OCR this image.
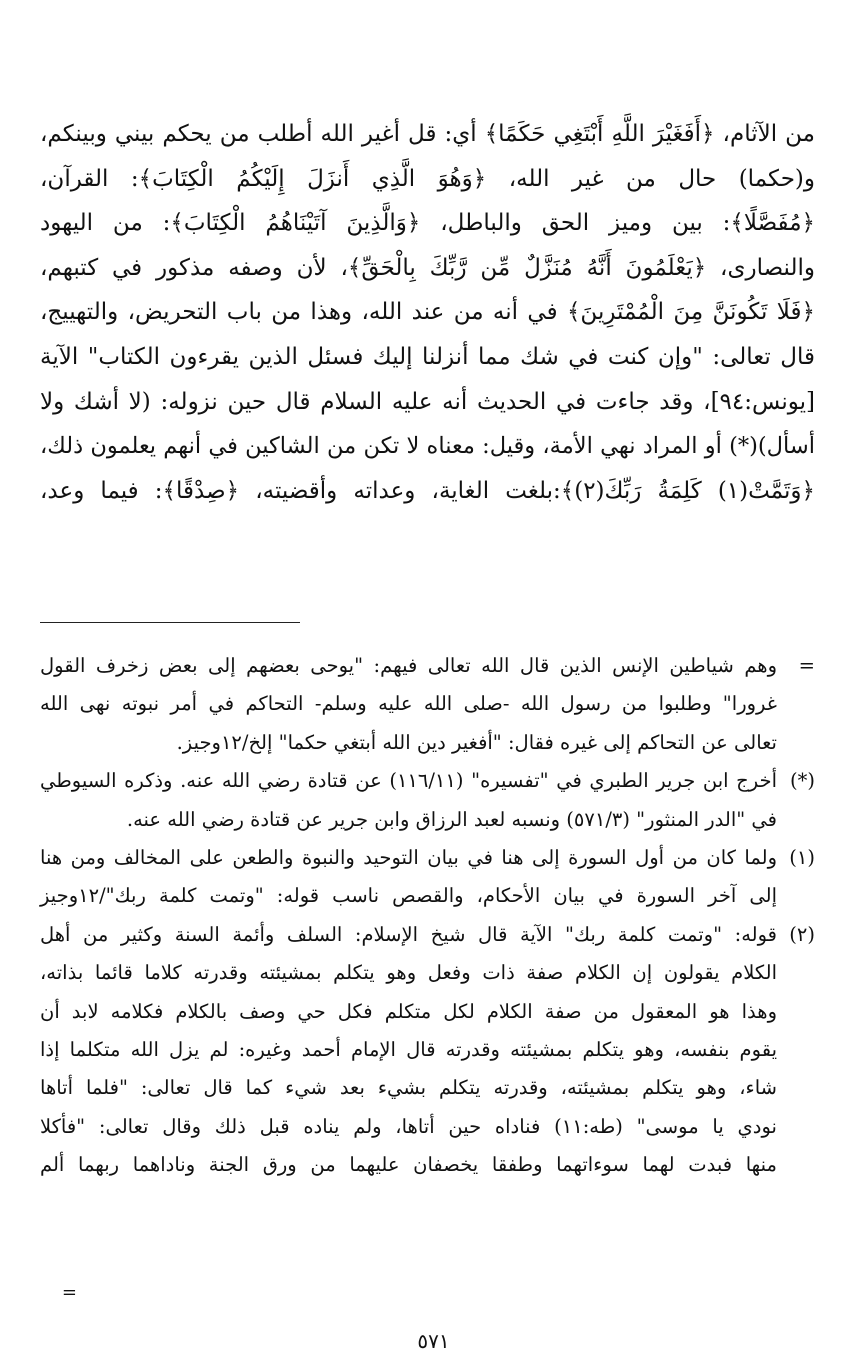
من الآثام، ﴿أَفَغَيْرَ اللَّهِ أَبْتَغِي حَكَمًا﴾ أي: قل أغير الله أطلب من يحكم بيني وبينكم،
و(حكما) حال من غير الله، ﴿وَهُوَ الَّذِي أَنزَلَ إِلَيْكُمُ الْكِتَابَ﴾: القرآن،
﴿مُفَصَّلًا﴾: بين وميز الحق والباطل، ﴿وَالَّذِينَ آتَيْنَاهُمُ الْكِتَابَ﴾: من اليهود
والنصارى، ﴿يَعْلَمُونَ أَنَّهُ مُنَزَّلٌ مِّن رَّبِّكَ بِالْحَقِّ﴾، لأن وصفه مذكور في كتبهم،
﴿فَلَا تَكُونَنَّ مِنَ الْمُمْتَرِينَ﴾ في أنه من عند الله، وهذا من باب التحريض، والتهييج،
قال تعالى: "وإن كنت في شك مما أنزلنا إليك فسئل الذين يقرءون الكتاب" الآية
[يونس:٩٤]، وقد جاءت في الحديث أنه عليه السلام قال حين نزوله: (لا أشك ولا
أسأل)(*) أو المراد نهي الأمة، وقيل: معناه لا تكن من الشاكين في أنهم يعلمون ذلك،
﴿وَتَمَّتْ(١) كَلِمَةُ رَبِّكَ(٢)﴾:بلغت الغاية، وعداته وأقضيته، ﴿صِدْقًا﴾: فيما وعد،
=
وهم شياطين الإنس الذين قال الله تعالى فيهم: "يوحى بعضهم إلى بعض زخرف القول
غرورا" وطلبوا من رسول الله -صلى الله عليه وسلم- التحاكم في أمر نبوته نهى الله
تعالى عن التحاكم إلى غيره فقال: "أفغير دين الله أبتغي حكما" إلخ/١٢وجيز.
(*)
أخرج ابن جرير الطبري في "تفسيره" (١١٦/١١) عن قتادة رضي الله عنه. وذكره السيوطي
في "الدر المنثور" (٥٧١/٣) ونسبه لعبد الرزاق وابن جرير عن قتادة رضي الله عنه.
(١)
ولما كان من أول السورة إلى هنا في بيان التوحيد والنبوة والطعن على المخالف ومن هنا
إلى آخر السورة في بيان الأحكام، والقصص ناسب قوله: "وتمت كلمة ربك"/١٢وجيز
(٢)
قوله: "وتمت كلمة ربك" الآية قال شيخ الإسلام: السلف وأئمة السنة وكثير من أهل
الكلام يقولون إن الكلام صفة ذات وفعل وهو يتكلم بمشيئته وقدرته كلاما قائما بذاته،
وهذا هو المعقول من صفة الكلام لكل متكلم فكل حي وصف بالكلام فكلامه لابد أن
يقوم بنفسه، وهو يتكلم بمشيئته وقدرته قال الإمام أحمد وغيره: لم يزل الله متكلما إذا
شاء، وهو يتكلم بمشيئته، وقدرته يتكلم بشيء بعد شيء كما قال تعالى: "فلما أتاها
نودي يا موسى" (طه:١١) فناداه حين أتاها، ولم يناده قبل ذلك وقال تعالى: "فأكلا
منها فبدت لهما سوءاتهما وطفقا يخصفان عليهما من ورق الجنة وناداهما ربهما ألم
=
٥٧١
